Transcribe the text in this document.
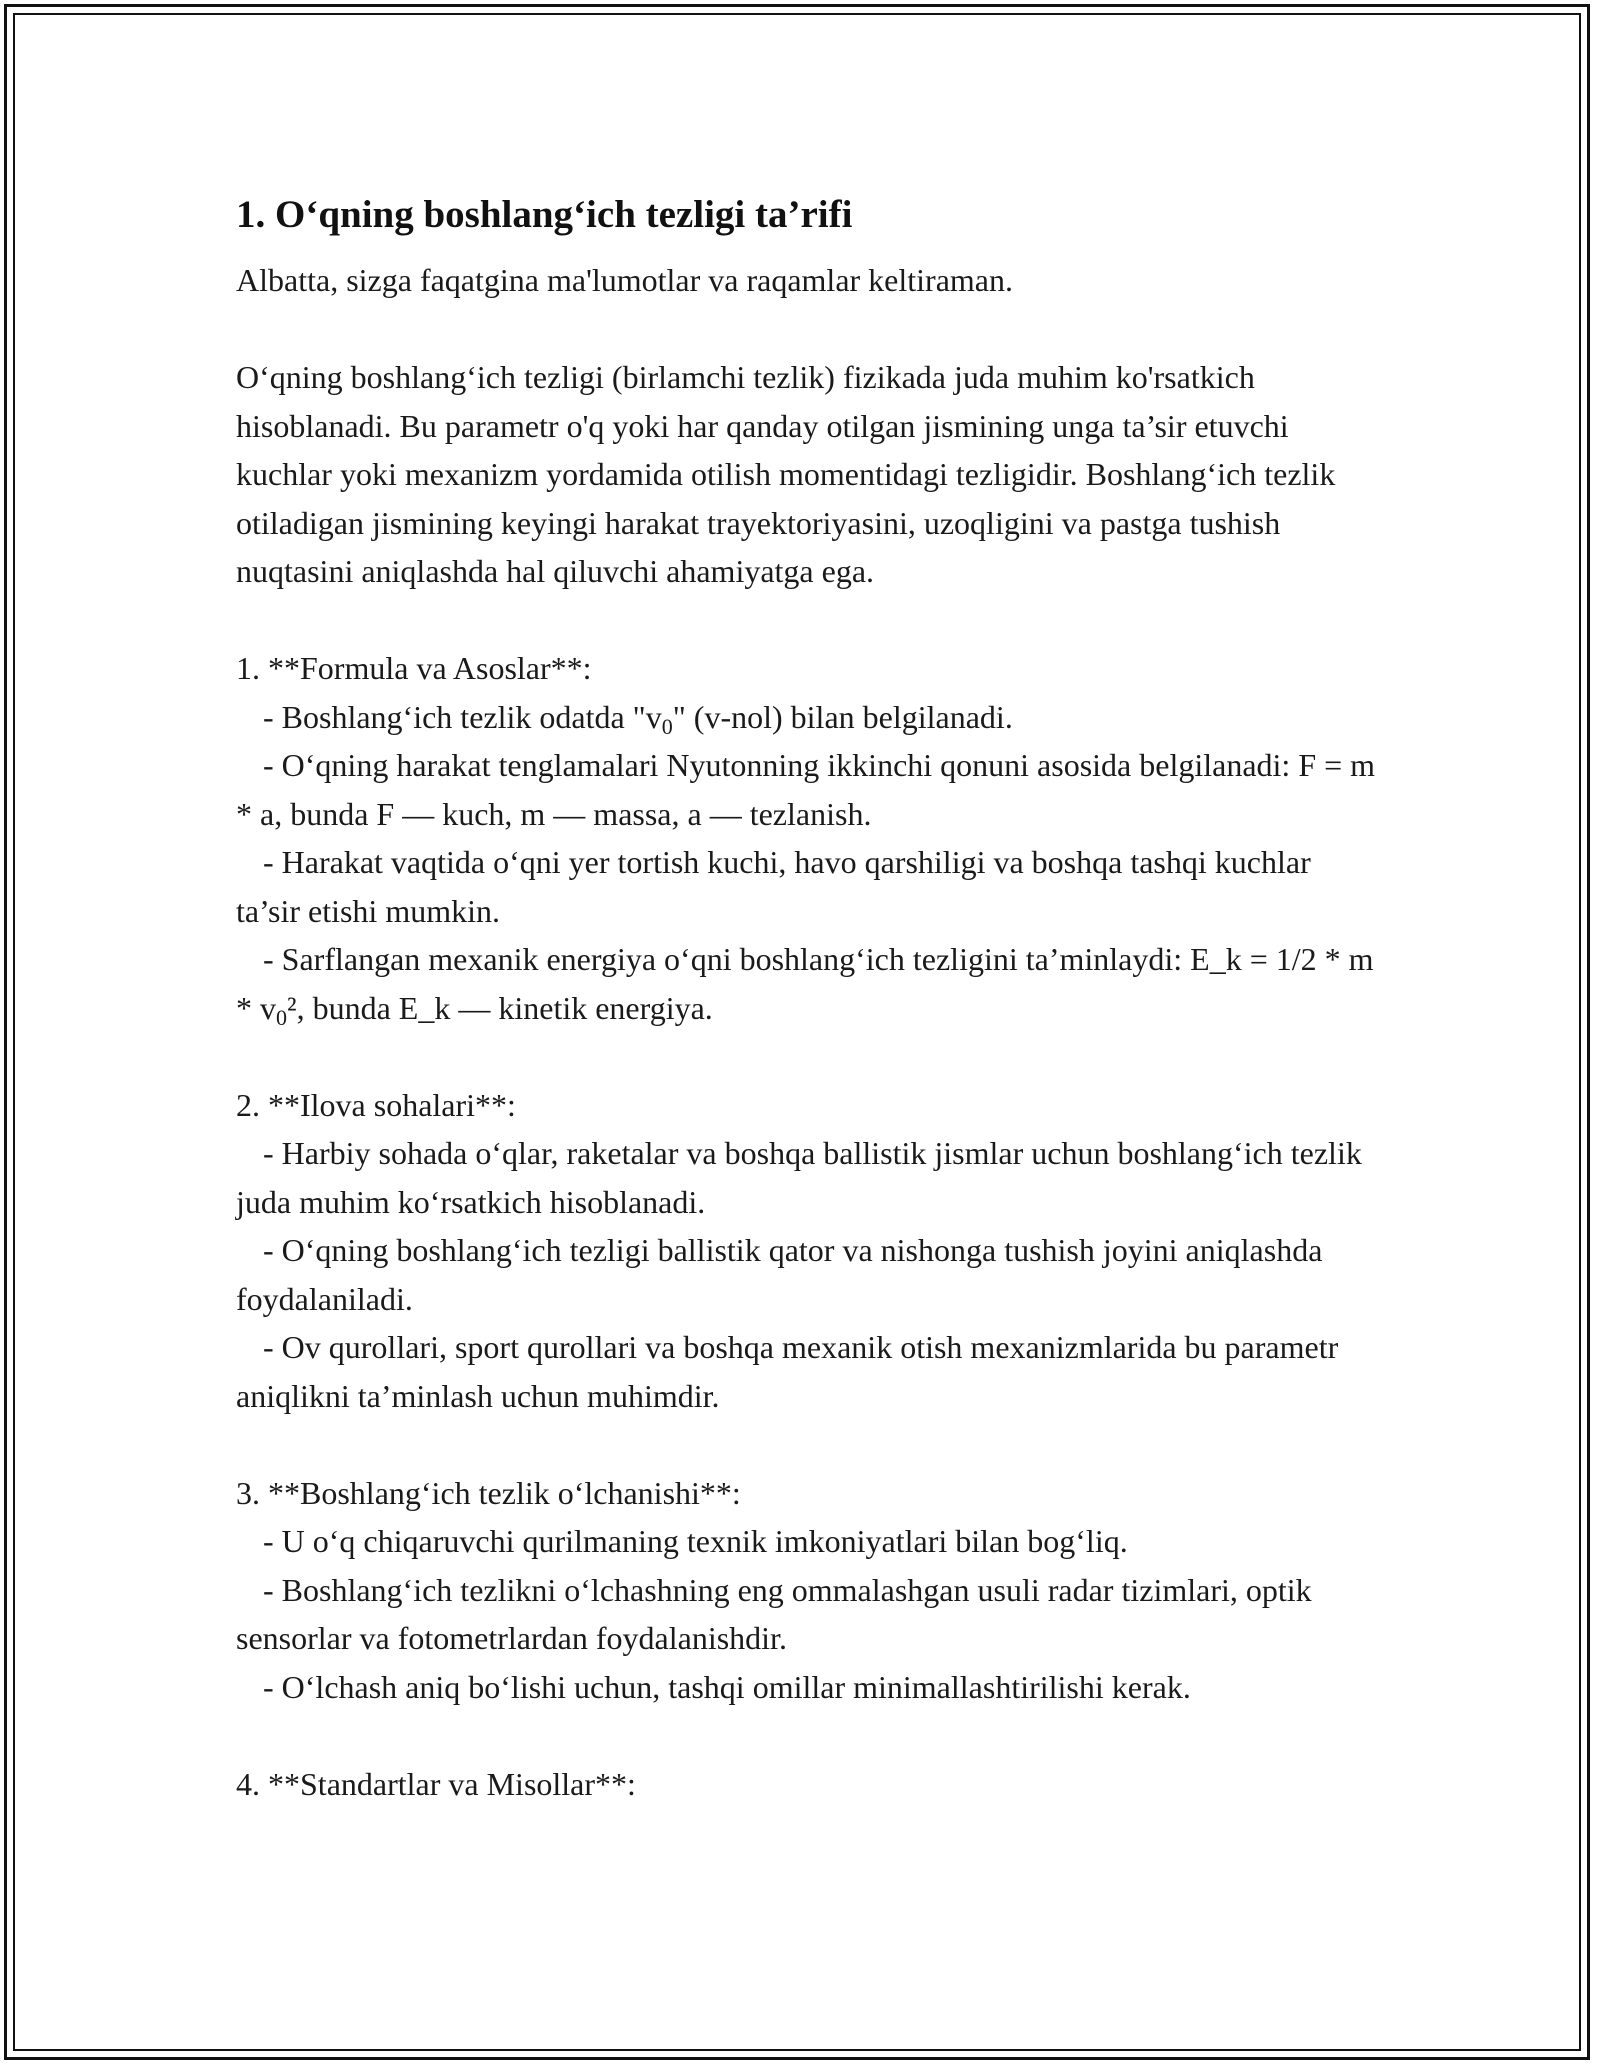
1. O‘qning boshlang‘ich tezligi ta’rifi

Albatta, sizga faqatgina ma'lumotlar va raqamlar keltiraman.

O‘qning boshlang‘ich tezligi (birlamchi tezlik) fizikada juda muhim ko'rsatkich hisoblanadi. Bu parametr o'q yoki har qanday otilgan jismining unga ta’sir etuvchi kuchlar yoki mexanizm yordamida otilish momentidagi tezligidir. Boshlang‘ich tezlik otiladigan jismining keyingi harakat trayektoriyasini, uzoqligini va pastga tushish nuqtasini aniqlashda hal qiluvchi ahamiyatga ega.

1. **Formula va Asoslar**:

- Boshlang‘ich tezlik odatda "$v_0$" (v-nol) bilan belgilanadi.

- O‘qning harakat tenglamalari Nyutonning ikkinchi qonuni asosida belgilanadi: F = m * a, bunda F — kuch, m — massa, a — tezlanish.

- Harakat vaqtida o‘qni yer tortish kuchi, havo qarshiligi va boshqa tashqi kuchlar ta’sir etishi mumkin.

- Sarflangan mexanik energiya o‘qni boshlang‘ich tezligini ta’minlaydi: E_k = 1/2 * m * $v_0^2$, bunda E_k — kinetik energiya.

2. **Ilova sohalari**:

- Harbiy sohada o‘qlar, raketalar va boshqa ballistik jismlar uchun boshlang‘ich tezlik juda muhim ko‘rsatkich hisoblanadi.

- O‘qning boshlang‘ich tezligi ballistik qator va nishonga tushish joyini aniqlashda foydalaniladi.

- Ov qurollari, sport qurollari va boshqa mexanik otish mexanizmlarida bu parametr aniqlikni ta’minlash uchun muhimdir.

3. **Boshlang‘ich tezlik o‘lchanishi**:

- U o‘q chiqaruvchi qurilmaning texnik imkoniyatlari bilan bog‘liq.

- Boshlang‘ich tezlikni o‘lchashning eng ommalashgan usuli radar tizimlari, optik sensorlar va fotometrlardan foydalanishdir.

- O‘lchash aniq bo‘lishi uchun, tashqi omillar minimallashtirilishi kerak.

4. **Standartlar va Misollar**:
